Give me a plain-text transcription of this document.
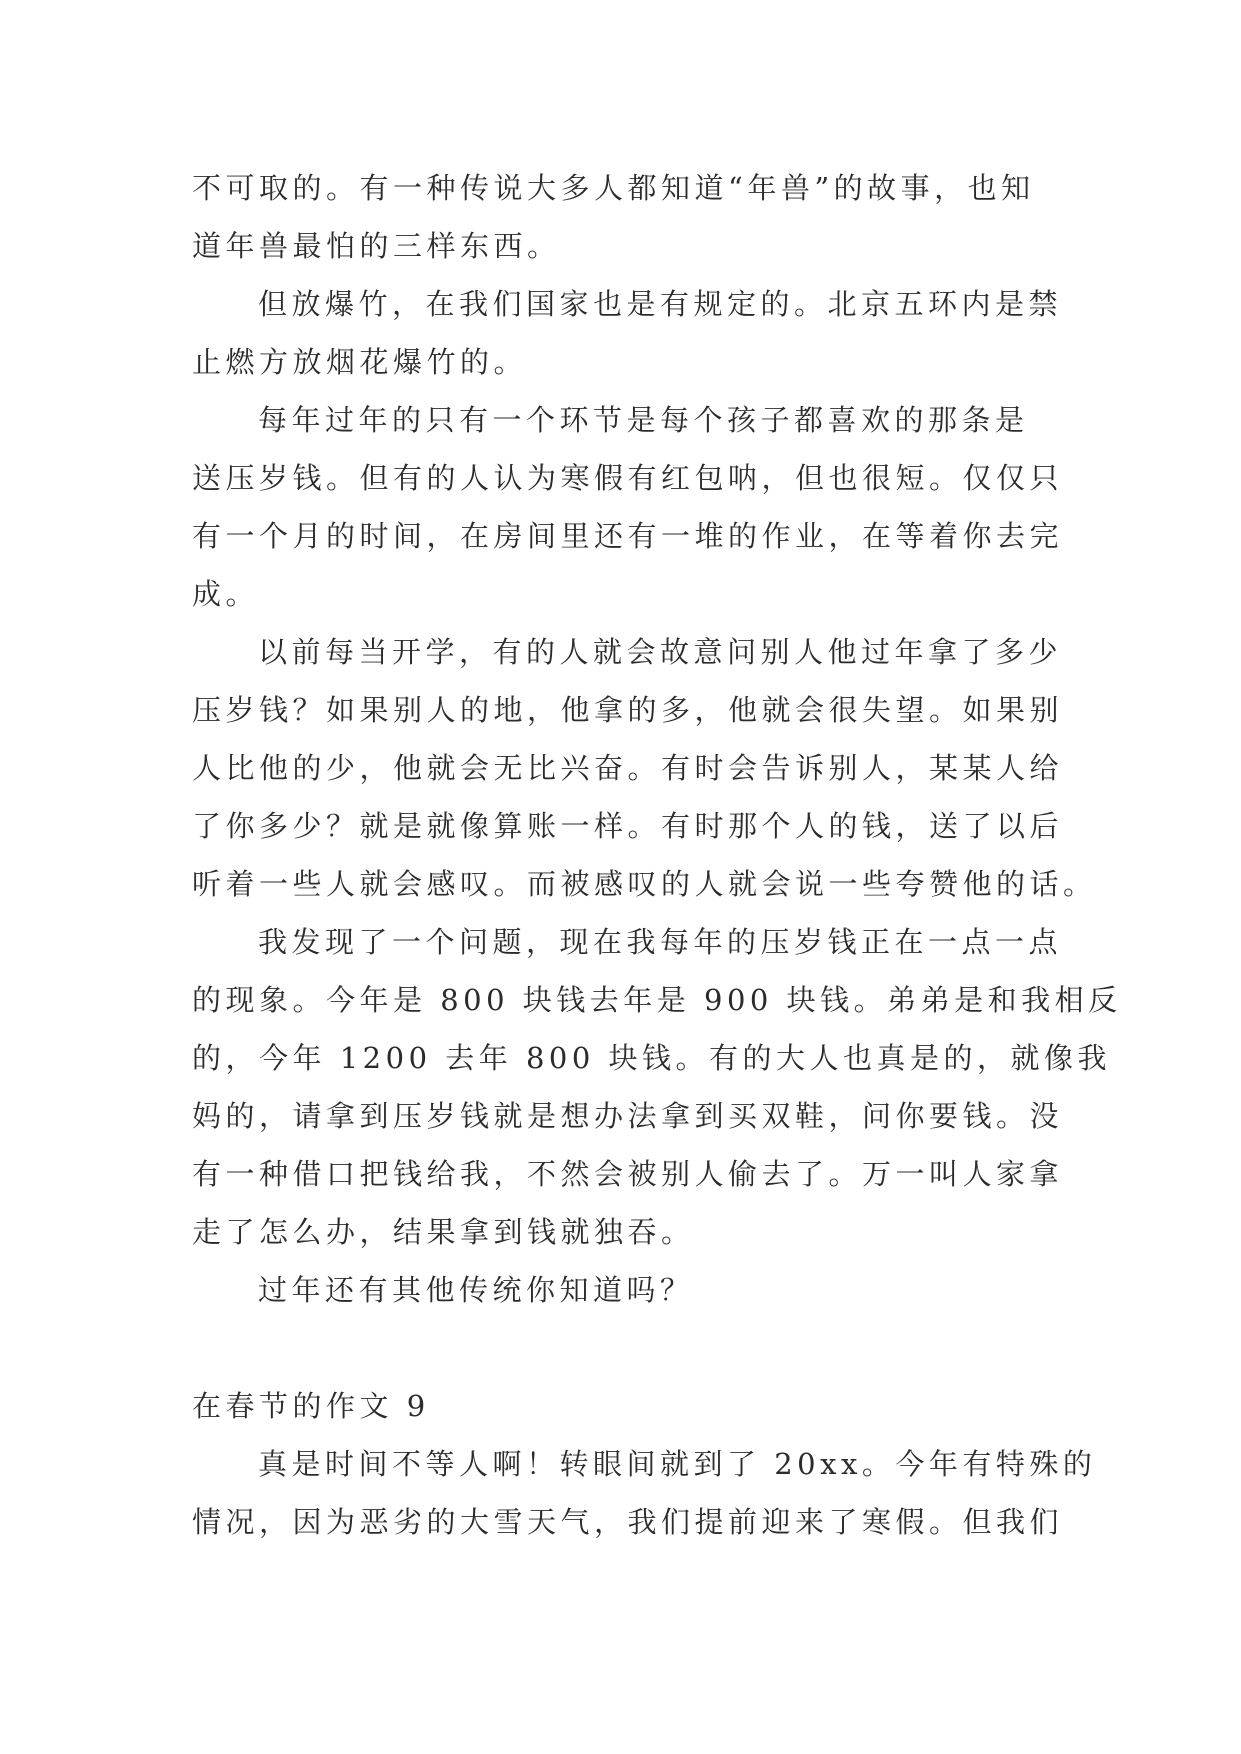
不可取的。有一种传说大多人都知道“年兽”的故事，也知
道年兽最怕的三样东西。
但放爆竹，在我们国家也是有规定的。北京五环内是禁
止燃方放烟花爆竹的。
每年过年的只有一个环节是每个孩子都喜欢的那条是
送压岁钱。但有的人认为寒假有红包呐，但也很短。仅仅只
有一个月的时间，在房间里还有一堆的作业，在等着你去完
成。
以前每当开学，有的人就会故意问别人他过年拿了多少
压岁钱？如果别人的地，他拿的多，他就会很失望。如果别
人比他的少，他就会无比兴奋。有时会告诉别人，某某人给
了你多少？就是就像算账一样。有时那个人的钱，送了以后
听着一些人就会感叹。而被感叹的人就会说一些夸赞他的话。
我发现了一个问题，现在我每年的压岁钱正在一点一点
的现象。今年是 800 块钱去年是 900 块钱。弟弟是和我相反
的，今年 1200 去年 800 块钱。有的大人也真是的，就像我
妈的，请拿到压岁钱就是想办法拿到买双鞋，问你要钱。没
有一种借口把钱给我，不然会被别人偷去了。万一叫人家拿
走了怎么办，结果拿到钱就独吞。
过年还有其他传统你知道吗？
在春节的作文 9
真是时间不等人啊！转眼间就到了 20xx。今年有特殊的
情况，因为恶劣的大雪天气，我们提前迎来了寒假。但我们
